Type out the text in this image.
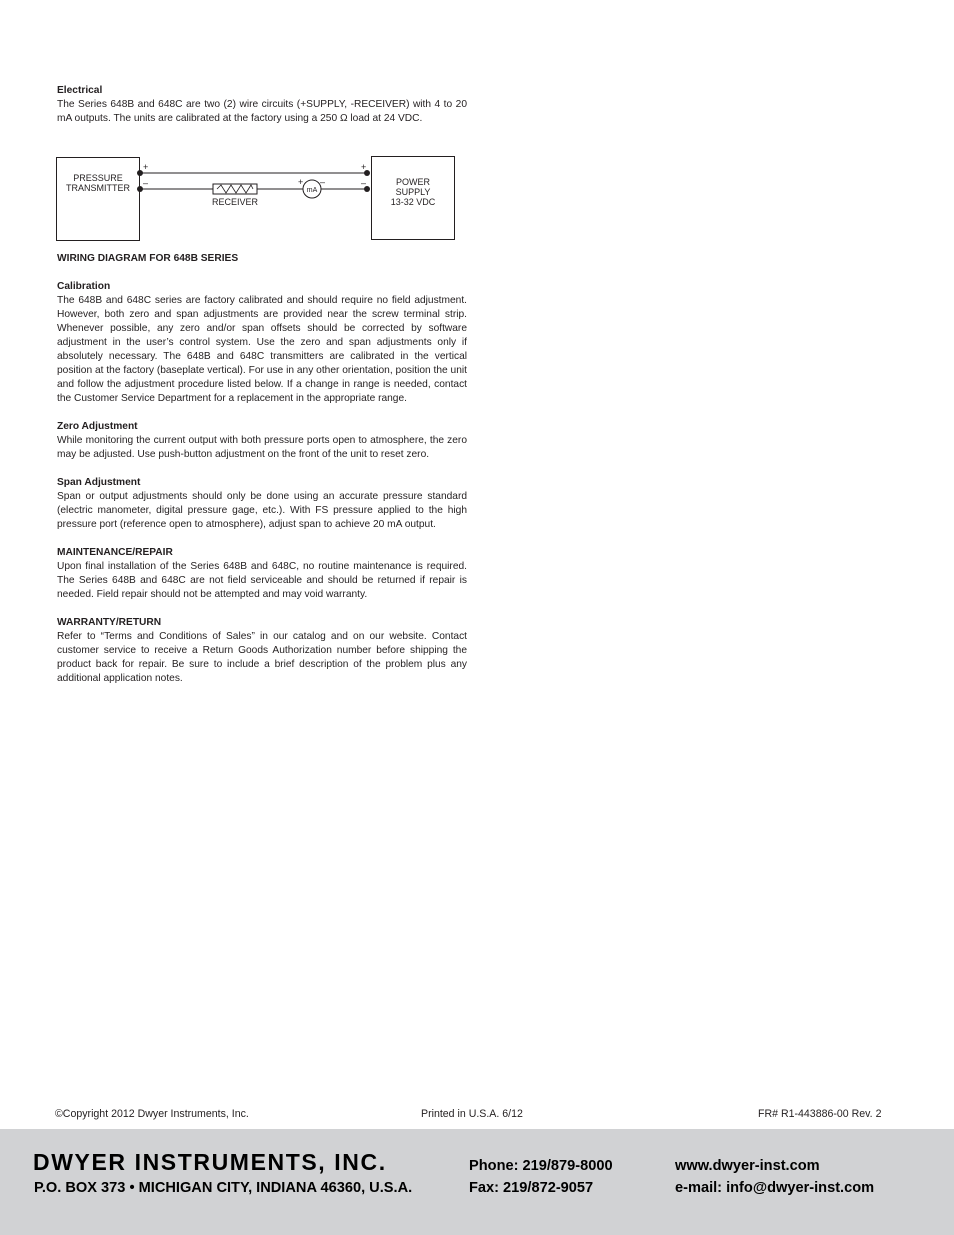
Electrical

The Series 648B and 648C are two (2) wire circuits (+SUPPLY, -RECEIVER) with 4 to 20 mA outputs. The units are calibrated at the factory using a 250 Ω load at 24 VDC.

PRESSURE
TRANSMITTER
POWER
SUPPLY
13-32 VDC
+	+
–	–
RECEIVER
mA
+ –
WIRING DIAGRAM FOR 648B SERIES
Calibration

The 648B and 648C series are factory calibrated and should require no field adjustment. However, both zero and span adjustments are provided near the screw terminal strip. Whenever possible, any zero and/or span offsets should be corrected by software adjustment in the user’s control system. Use the zero and span adjustments only if absolutely necessary. The 648B and 648C transmitters are calibrated in the vertical position at the factory (baseplate vertical). For use in any other orientation, position the unit and follow the adjustment procedure listed below. If a change in range is needed, contact the Customer Service Department for a replacement in the appropriate range.

Zero Adjustment

While monitoring the current output with both pressure ports open to atmosphere, the zero may be adjusted. Use push-button adjustment on the front of the unit to reset zero.

Span Adjustment

Span or output adjustments should only be done using an accurate pressure standard (electric manometer, digital pressure gage, etc.). With FS pressure applied to the high pressure port (reference open to atmosphere), adjust span to achieve 20 mA output.

MAINTENANCE/REPAIR

Upon final installation of the Series 648B and 648C, no routine maintenance is required. The Series 648B and 648C are not field serviceable and should be returned if repair is needed. Field repair should not be attempted and may void warranty.

WARRANTY/RETURN

Refer to “Terms and Conditions of Sales” in our catalog and on our website. Contact customer service to receive a Return Goods Authorization number before shipping the product back for repair. Be sure to include a brief description of the problem plus any additional application notes.

©Copyright 2012 Dwyer Instruments, Inc.	Printed in U.S.A. 6/12	FR# R1-443886-00 Rev. 2
DWYER INSTRUMENTS, INC.
P.O. BOX 373 • MICHIGAN CITY, INDIANA 46360, U.S.A.
Phone: 219/879-8000
Fax: 219/872-9057
www.dwyer-inst.com
e-mail: info@dwyer-inst.com
